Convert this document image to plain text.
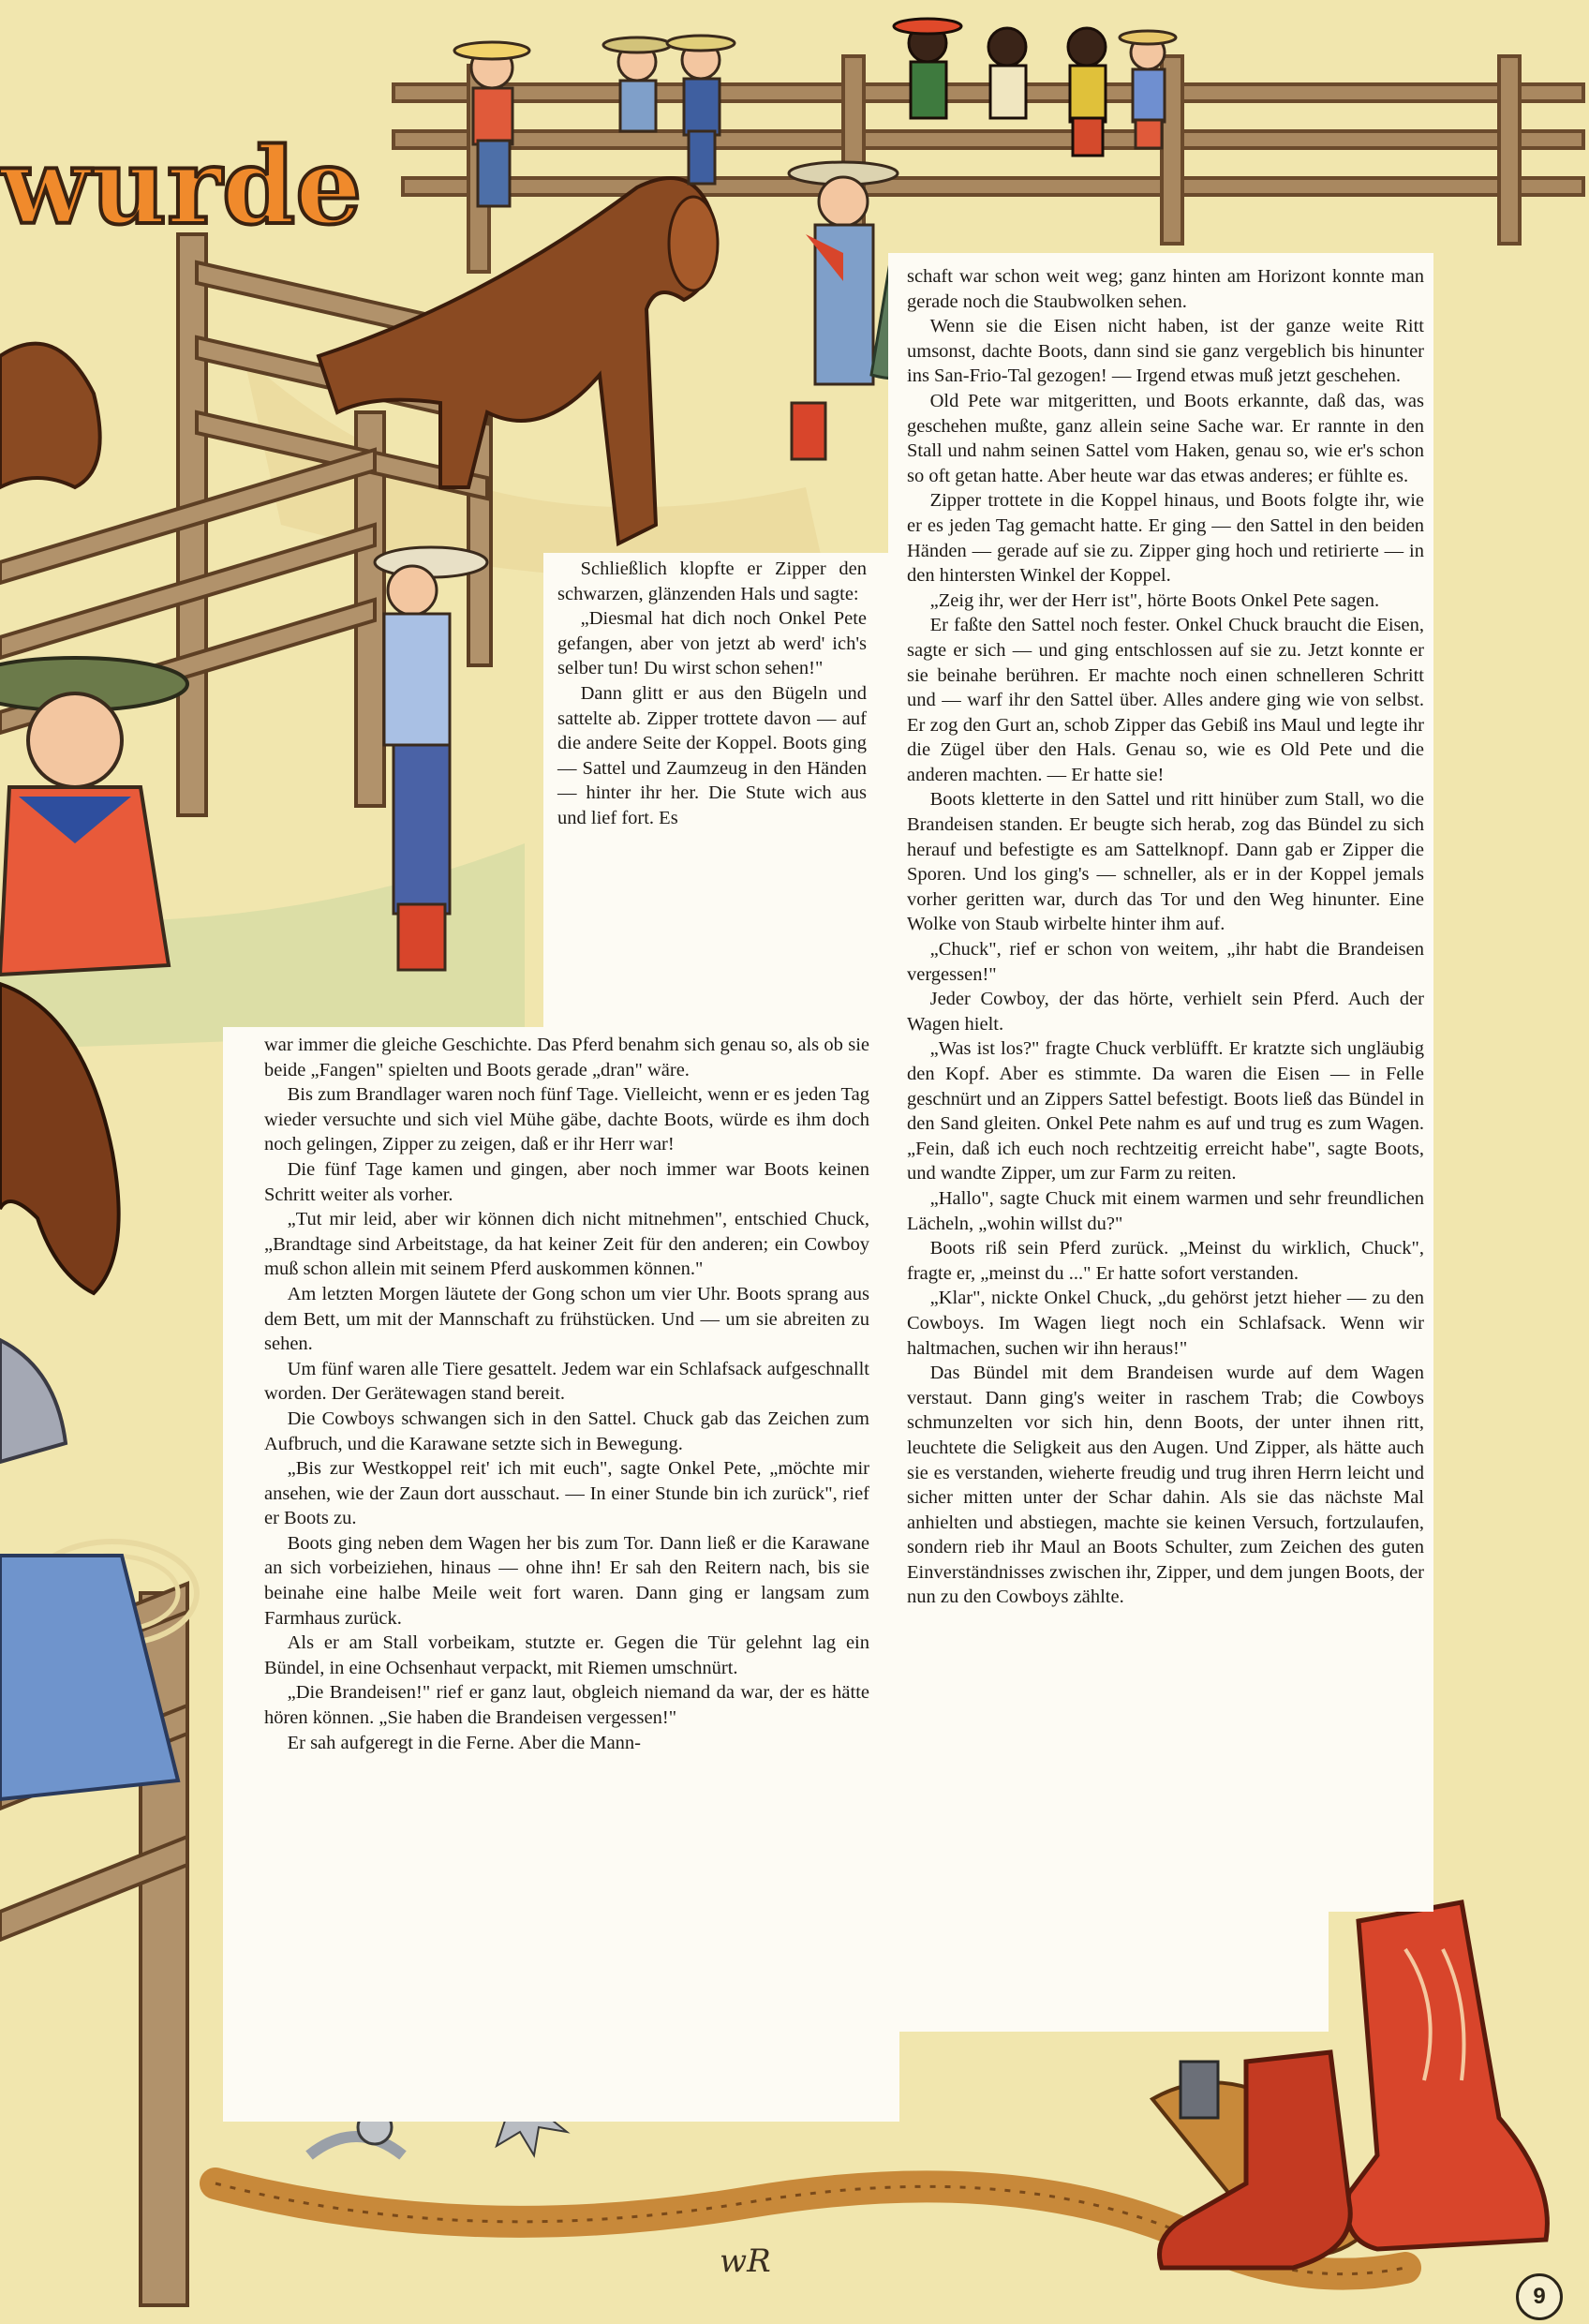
wurde

Schließlich klopfte er Zipper den schwarzen, glänzenden Hals und sagte:

„Diesmal hat dich noch Onkel Pete gefangen, aber von jetzt ab werd' ich's selber tun! Du wirst schon sehen!"

Dann glitt er aus den Bügeln und sattelte ab. Zipper trottete davon — auf die andere Seite der Koppel. Boots ging — Sattel und Zaumzeug in den Händen — hinter ihr her. Die Stute wich aus und lief fort. Es

war immer die gleiche Geschichte. Das Pferd benahm sich genau so, als ob sie beide „Fangen" spielten und Boots gerade „dran" wäre.

Bis zum Brandlager waren noch fünf Tage. Vielleicht, wenn er es jeden Tag wieder versuchte und sich viel Mühe gäbe, dachte Boots, würde es ihm doch noch gelingen, Zipper zu zeigen, daß er ihr Herr war!

Die fünf Tage kamen und gingen, aber noch immer war Boots keinen Schritt weiter als vorher.

„Tut mir leid, aber wir können dich nicht mitnehmen", entschied Chuck, „Brandtage sind Arbeitstage, da hat keiner Zeit für den anderen; ein Cowboy muß schon allein mit seinem Pferd auskommen können."

Am letzten Morgen läutete der Gong schon um vier Uhr. Boots sprang aus dem Bett, um mit der Mannschaft zu frühstücken. Und — um sie abreiten zu sehen.

Um fünf waren alle Tiere gesattelt. Jedem war ein Schlafsack aufgeschnallt worden. Der Gerätewagen stand bereit.

Die Cowboys schwangen sich in den Sattel. Chuck gab das Zeichen zum Aufbruch, und die Karawane setzte sich in Bewegung.

„Bis zur Westkoppel reit' ich mit euch", sagte Onkel Pete, „möchte mir ansehen, wie der Zaun dort ausschaut. — In einer Stunde bin ich zurück", rief er Boots zu.

Boots ging neben dem Wagen her bis zum Tor. Dann ließ er die Karawane an sich vorbeiziehen, hinaus — ohne ihn! Er sah den Reitern nach, bis sie beinahe eine halbe Meile weit fort waren. Dann ging er langsam zum Farmhaus zurück.

Als er am Stall vorbeikam, stutzte er. Gegen die Tür gelehnt lag ein Bündel, in eine Ochsenhaut verpackt, mit Riemen umschnürt.

„Die Brandeisen!" rief er ganz laut, obgleich niemand da war, der es hätte hören können. „Sie haben die Brandeisen vergessen!"

Er sah aufgeregt in die Ferne. Aber die Mann-

schaft war schon weit weg; ganz hinten am Horizont konnte man gerade noch die Staubwolken sehen.

Wenn sie die Eisen nicht haben, ist der ganze weite Ritt umsonst, dachte Boots, dann sind sie ganz vergeblich bis hinunter ins San-Frio-Tal gezogen! — Irgend etwas muß jetzt geschehen.

Old Pete war mitgeritten, und Boots erkannte, daß das, was geschehen mußte, ganz allein seine Sache war. Er rannte in den Stall und nahm seinen Sattel vom Haken, genau so, wie er's schon so oft getan hatte. Aber heute war das etwas anderes; er fühlte es.

Zipper trottete in die Koppel hinaus, und Boots folgte ihr, wie er es jeden Tag gemacht hatte. Er ging — den Sattel in den beiden Händen — gerade auf sie zu. Zipper ging hoch und retirierte — in den hintersten Winkel der Koppel.

„Zeig ihr, wer der Herr ist", hörte Boots Onkel Pete sagen.

Er faßte den Sattel noch fester. Onkel Chuck braucht die Eisen, sagte er sich — und ging entschlossen auf sie zu. Jetzt konnte er sie beinahe berühren. Er machte noch einen schnelleren Schritt und — warf ihr den Sattel über. Alles andere ging wie von selbst. Er zog den Gurt an, schob Zipper das Gebiß ins Maul und legte ihr die Zügel über den Hals. Genau so, wie es Old Pete und die anderen machten. — Er hatte sie!

Boots kletterte in den Sattel und ritt hinüber zum Stall, wo die Brandeisen standen. Er beugte sich herab, zog das Bündel zu sich herauf und befestigte es am Sattelknopf. Dann gab er Zipper die Sporen. Und los ging's — schneller, als er in der Koppel jemals vorher geritten war, durch das Tor und den Weg hinunter. Eine Wolke von Staub wirbelte hinter ihm auf.

„Chuck", rief er schon von weitem, „ihr habt die Brandeisen vergessen!"

Jeder Cowboy, der das hörte, verhielt sein Pferd. Auch der Wagen hielt.

„Was ist los?" fragte Chuck verblüfft. Er kratzte sich ungläubig den Kopf. Aber es stimmte. Da waren die Eisen — in Felle geschnürt und an Zippers Sattel befestigt. Boots ließ das Bündel in den Sand gleiten. Onkel Pete nahm es auf und trug es zum Wagen. „Fein, daß ich euch noch rechtzeitig erreicht habe", sagte Boots, und wandte Zipper, um zur Farm zu reiten.

„Hallo", sagte Chuck mit einem warmen und sehr freundlichen Lächeln, „wohin willst du?"

Boots riß sein Pferd zurück. „Meinst du wirklich, Chuck", fragte er, „meinst du ..." Er hatte sofort verstanden.

„Klar", nickte Onkel Chuck, „du gehörst jetzt hieher — zu den Cowboys. Im Wagen liegt noch ein Schlafsack. Wenn wir haltmachen, suchen wir ihn heraus!"

Das Bündel mit dem Brandeisen wurde auf dem Wagen verstaut. Dann ging's weiter in raschem Trab; die Cowboys schmunzelten vor sich hin, denn Boots, der unter ihnen ritt, leuchtete die Seligkeit aus den Augen. Und Zipper, als hätte auch sie es verstanden, wieherte freudig und trug ihren Herrn leicht und sicher mitten unter der Schar dahin. Als sie das nächste Mal anhielten und abstiegen, machte sie keinen Versuch, fortzulaufen, sondern rieb ihr Maul an Boots Schulter, zum Zeichen des guten Einverständnisses zwischen ihr, Zipper, und dem jungen Boots, der nun zu den Cowboys zählte.

wR
9
